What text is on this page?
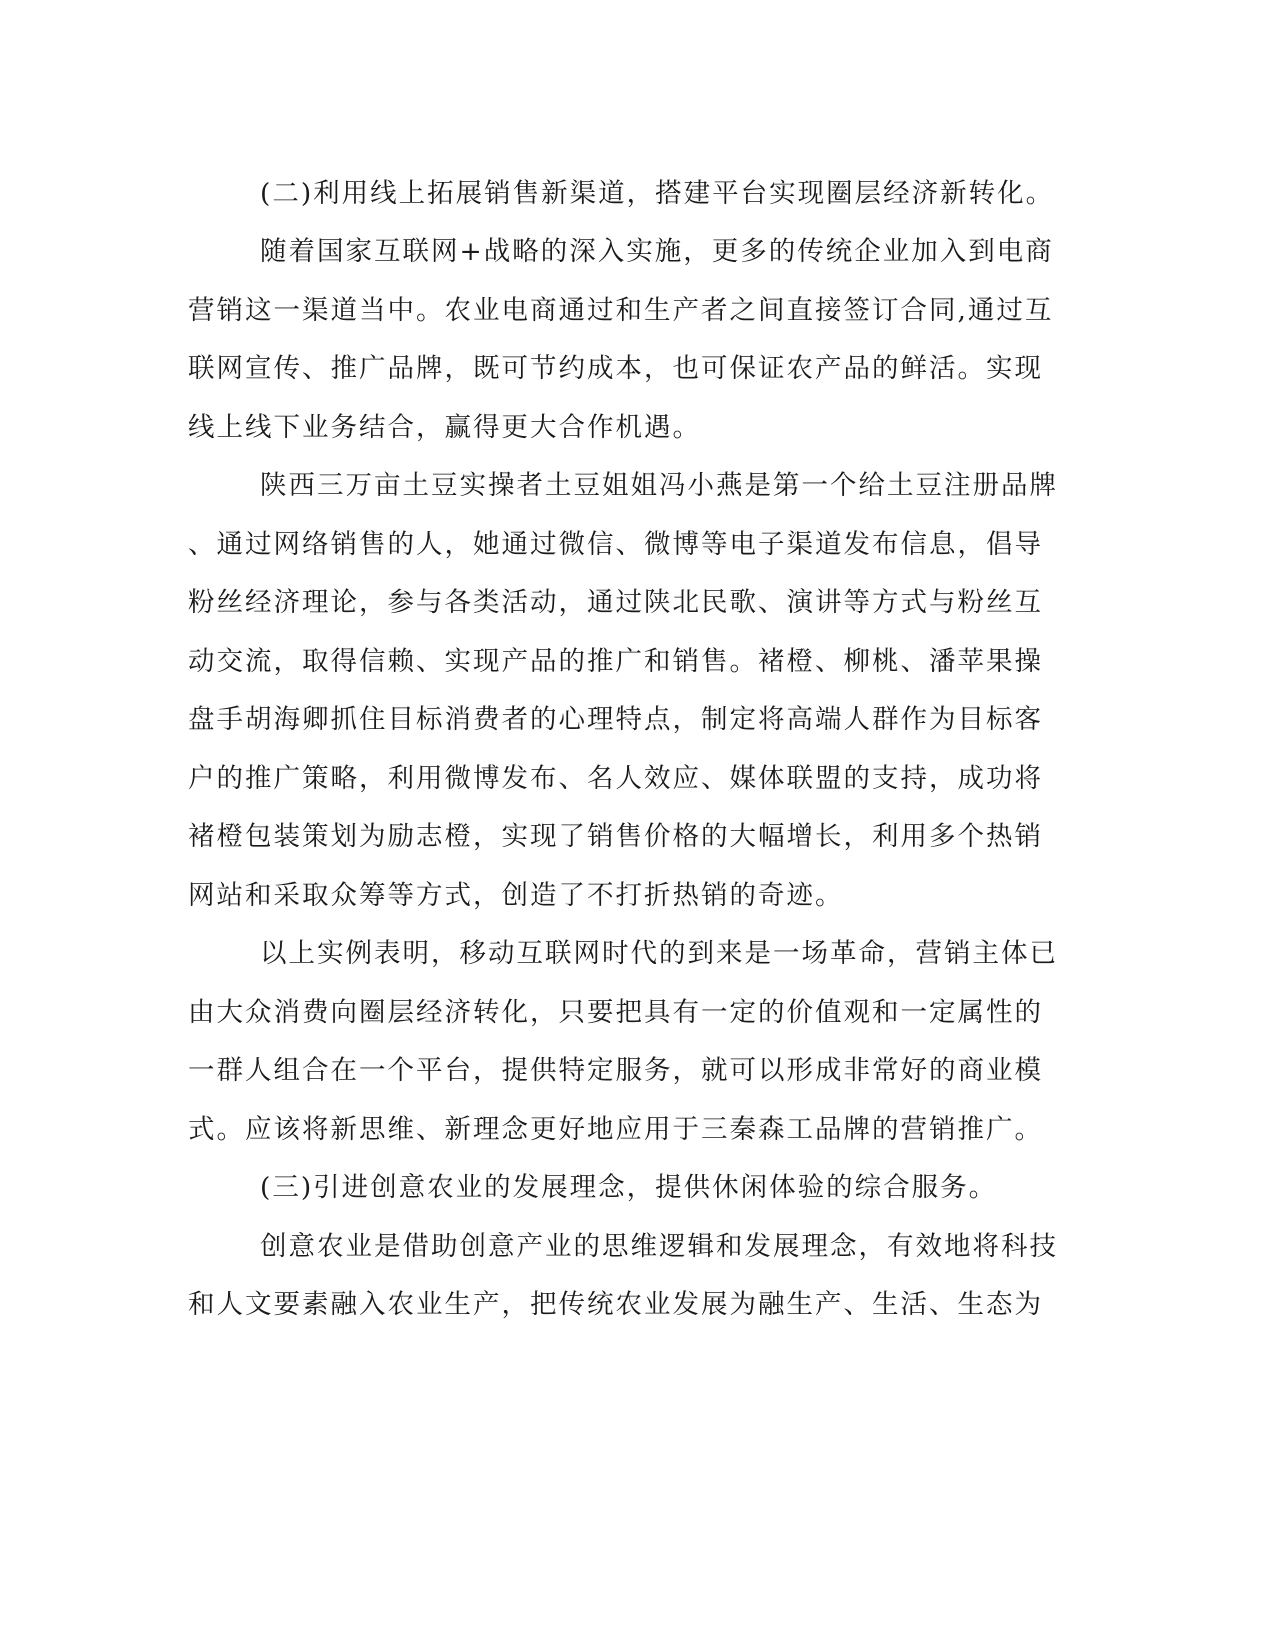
(二)利用线上拓展销售新渠道，搭建平台实现圈层经济新转化。
随着国家互联网+战略的深入实施，更多的传统企业加入到电商
营销这一渠道当中。农业电商通过和生产者之间直接签订合同,通过互
联网宣传、推广品牌，既可节约成本，也可保证农产品的鲜活。实现
线上线下业务结合，赢得更大合作机遇。
陕西三万亩土豆实操者土豆姐姐冯小燕是第一个给土豆注册品牌
、通过网络销售的人，她通过微信、微博等电子渠道发布信息，倡导
粉丝经济理论，参与各类活动，通过陕北民歌、演讲等方式与粉丝互
动交流，取得信赖、实现产品的推广和销售。褚橙、柳桃、潘苹果操
盘手胡海卿抓住目标消费者的心理特点，制定将高端人群作为目标客
户的推广策略，利用微博发布、名人效应、媒体联盟的支持，成功将
褚橙包装策划为励志橙，实现了销售价格的大幅增长，利用多个热销
网站和采取众筹等方式，创造了不打折热销的奇迹。
以上实例表明，移动互联网时代的到来是一场革命，营销主体已
由大众消费向圈层经济转化，只要把具有一定的价值观和一定属性的
一群人组合在一个平台，提供特定服务，就可以形成非常好的商业模
式。应该将新思维、新理念更好地应用于三秦森工品牌的营销推广。
(三)引进创意农业的发展理念，提供休闲体验的综合服务。
创意农业是借助创意产业的思维逻辑和发展理念，有效地将科技
和人文要素融入农业生产，把传统农业发展为融生产、生活、生态为
